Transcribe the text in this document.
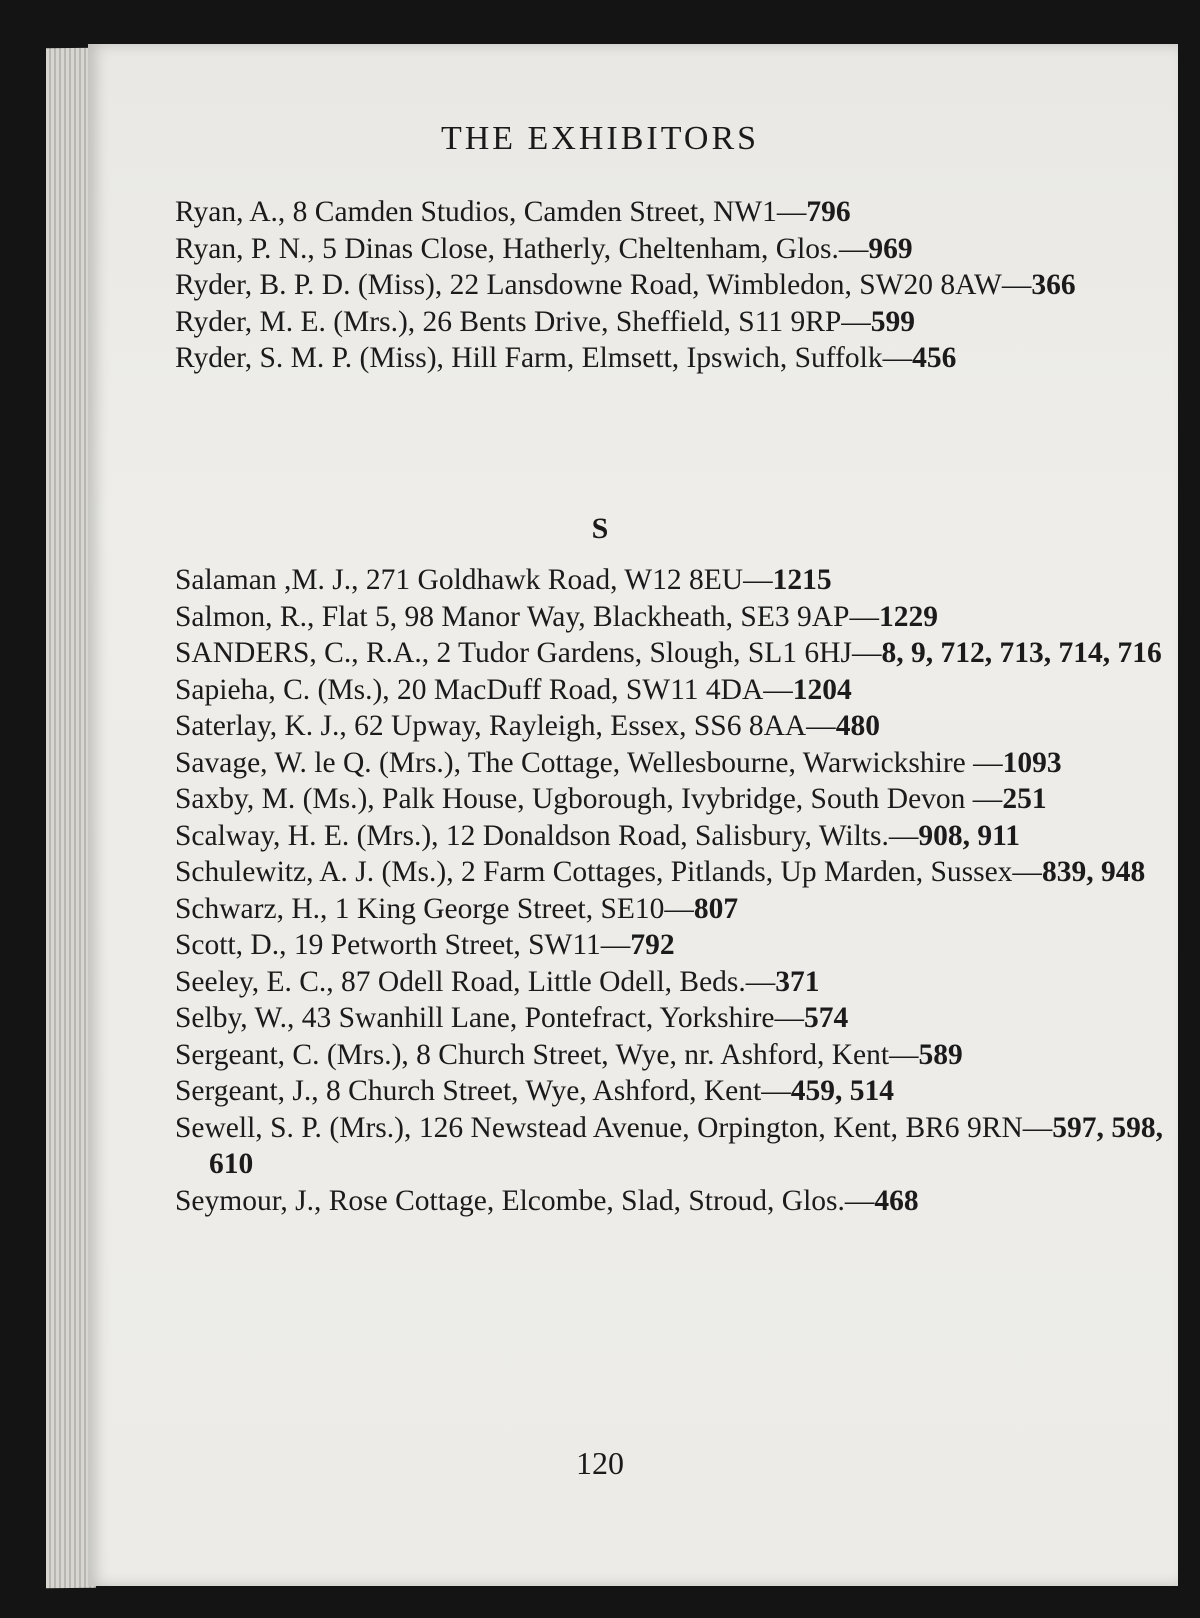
THE EXHIBITORS
Ryan, A., 8 Camden Studios, Camden Street, NW1—796
Ryan, P. N., 5 Dinas Close, Hatherly, Cheltenham, Glos.—969
Ryder, B. P. D. (Miss), 22 Lansdowne Road, Wimbledon, SW20 8AW—366
Ryder, M. E. (Mrs.), 26 Bents Drive, Sheffield, S11 9RP—599
Ryder, S. M. P. (Miss), Hill Farm, Elmsett, Ipswich, Suffolk—456
S
Salaman ,M. J., 271 Goldhawk Road, W12 8EU—1215
Salmon, R., Flat 5, 98 Manor Way, Blackheath, SE3 9AP—1229
SANDERS, C., R.A., 2 Tudor Gardens, Slough, SL1 6HJ—8, 9, 712, 713, 714, 716
Sapieha, C. (Ms.), 20 MacDuff Road, SW11 4DA—1204
Saterlay, K. J., 62 Upway, Rayleigh, Essex, SS6 8AA—480
Savage, W. le Q. (Mrs.), The Cottage, Wellesbourne, Warwickshire —1093
Saxby, M. (Ms.), Palk House, Ugborough, Ivybridge, South Devon —251
Scalway, H. E. (Mrs.), 12 Donaldson Road, Salisbury, Wilts.—908, 911
Schulewitz, A. J. (Ms.), 2 Farm Cottages, Pitlands, Up Marden, Sussex—839, 948
Schwarz, H., 1 King George Street, SE10—807
Scott, D., 19 Petworth Street, SW11—792
Seeley, E. C., 87 Odell Road, Little Odell, Beds.—371
Selby, W., 43 Swanhill Lane, Pontefract, Yorkshire—574
Sergeant, C. (Mrs.), 8 Church Street, Wye, nr. Ashford, Kent—589
Sergeant, J., 8 Church Street, Wye, Ashford, Kent—459, 514
Sewell, S. P. (Mrs.), 126 Newstead Avenue, Orpington, Kent, BR6 9RN—597, 598, 610
Seymour, J., Rose Cottage, Elcombe, Slad, Stroud, Glos.—468
120
